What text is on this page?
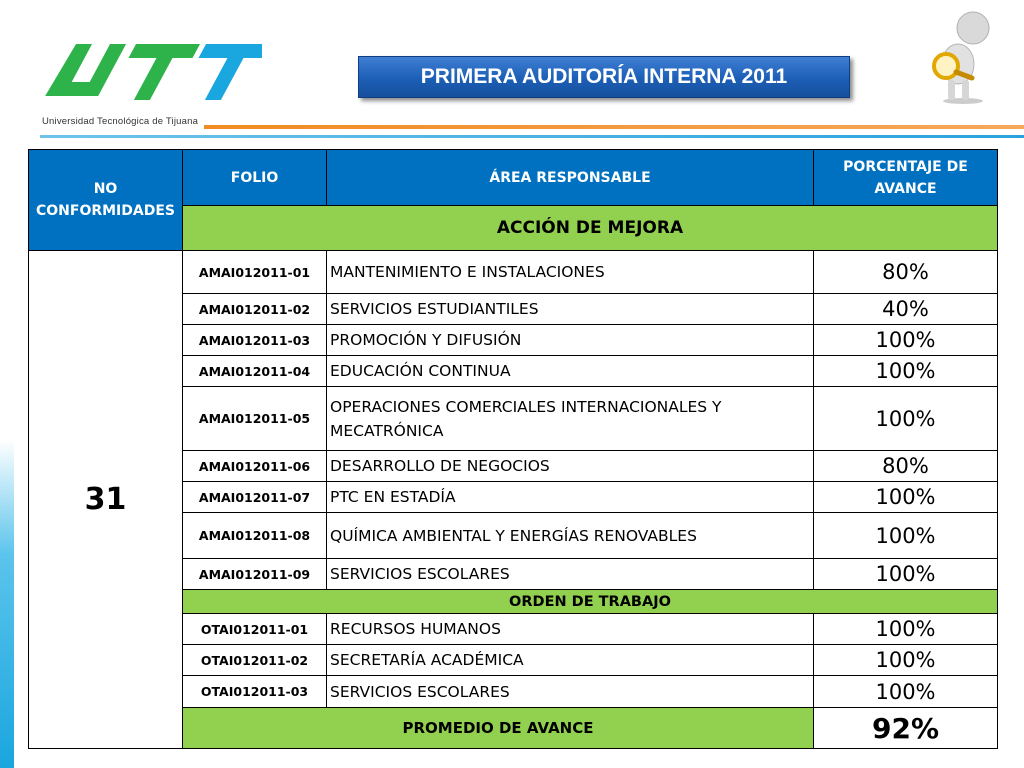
Universidad Tecnológica de Tijuana
PRIMERA AUDITORÍA INTERNA 2011
NO CONFORMIDADES	FOLIO	ÁREA RESPONSABLE	PORCENTAJE DE AVANCE
	ACCIÓN DE MEJORA		
31	AMAI012011-01	MANTENIMIENTO E INSTALACIONES	80%
	AMAI012011-02	SERVICIOS ESTUDIANTILES	40%
	AMAI012011-03	PROMOCIÓN Y DIFUSIÓN	100%
	AMAI012011-04	EDUCACIÓN CONTINUA	100%
	AMAI012011-05	OPERACIONES COMERCIALES INTERNACIONALES Y MECATRÓNICA	100%
	AMAI012011-06	DESARROLLO DE NEGOCIOS	80%
	AMAI012011-07	PTC EN ESTADÍA	100%
	AMAI012011-08	QUÍMICA AMBIENTAL Y ENERGÍAS RENOVABLES	100%
	AMAI012011-09	SERVICIOS ESCOLARES	100%
	ORDEN DE TRABAJO		
	OTAI012011-01	RECURSOS HUMANOS	100%
	OTAI012011-02	SECRETARÍA ACADÉMICA	100%
	OTAI012011-03	SERVICIOS ESCOLARES	100%
	PROMEDIO DE AVANCE		92%
